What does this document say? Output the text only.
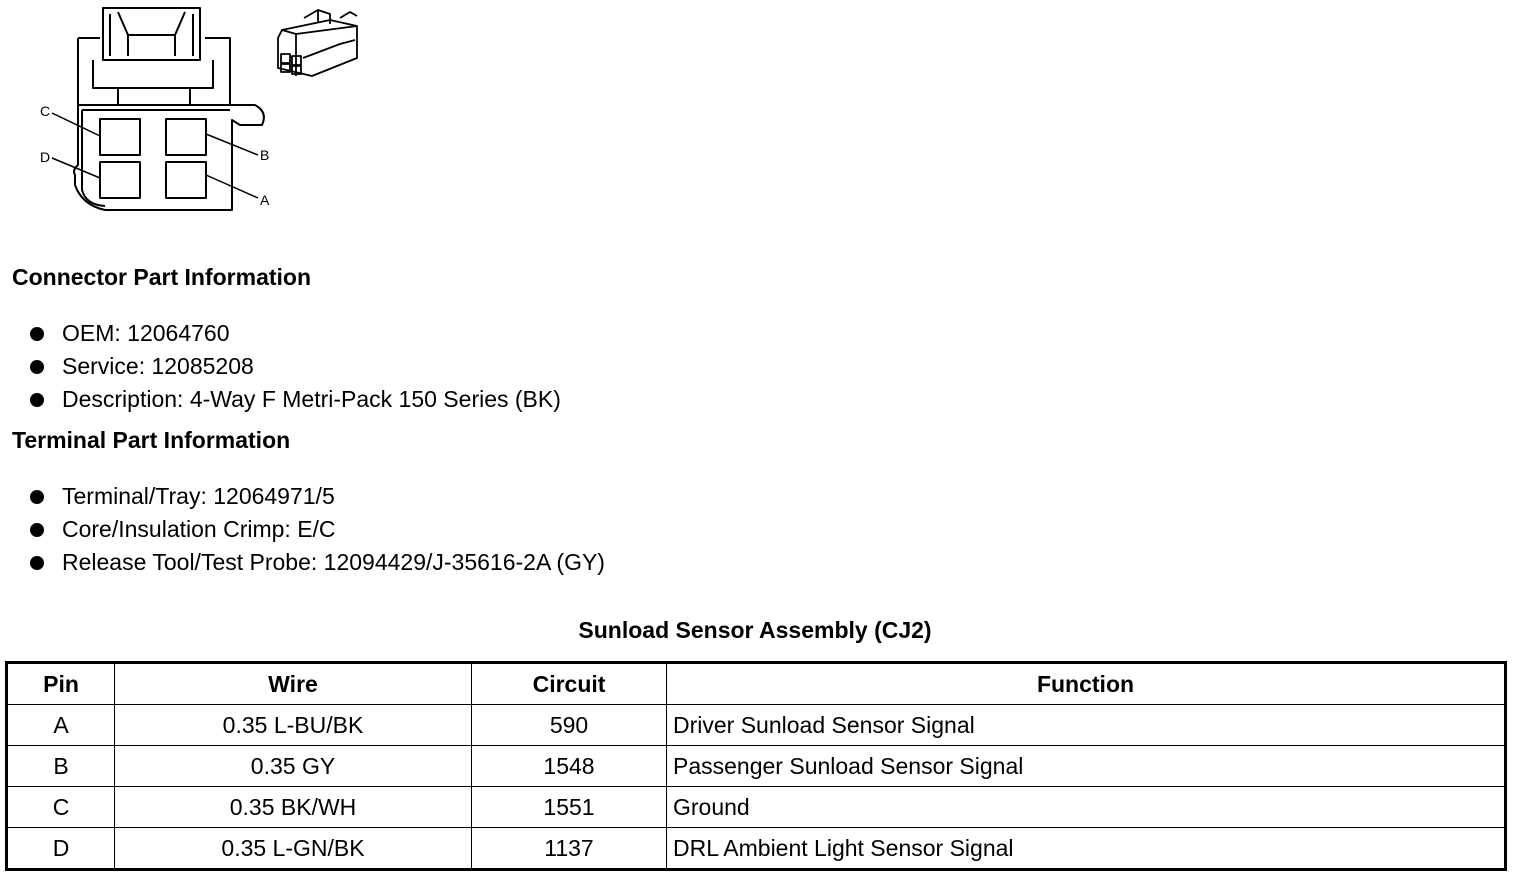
C
D	B
A
Connector Part Information
OEM: 12064760
Service: 12085208
Description: 4-Way F Metri-Pack 150 Series (BK)
Terminal Part Information
Terminal/Tray: 12064971/5
Core/Insulation Crimp: E/C
Release Tool/Test Probe: 12094429/J-35616-2A (GY)
Sunload Sensor Assembly (CJ2)
Pin	Wire	Circuit	Function
A	0.35 L-BU/BK	590	Driver Sunload Sensor Signal
B	0.35 GY	1548	Passenger Sunload Sensor Signal
C	0.35 BK/WH	1551	Ground
D	0.35 L-GN/BK	1137	DRL Ambient Light Sensor Signal
